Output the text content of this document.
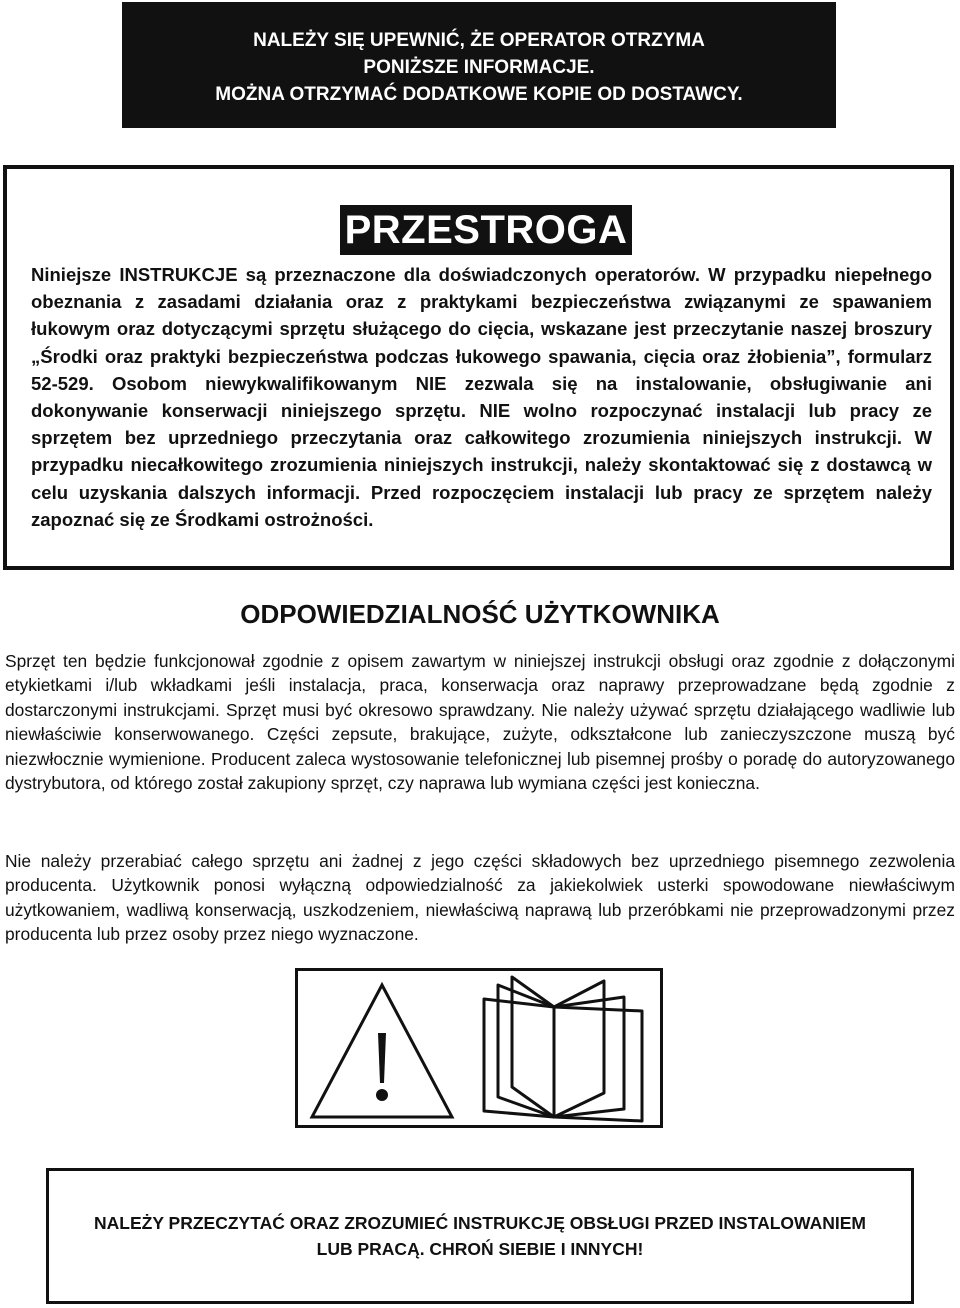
NALEŻY SIĘ UPEWNIĆ, ŻE OPERATOR OTRZYMA
PONIŻSZE INFORMACJE.
MOŻNA OTRZYMAĆ DODATKOWE KOPIE OD DOSTAWCY.
PRZESTROGA
Niniejsze INSTRUKCJE są przeznaczone dla doświadczonych operatorów. W przypadku niepełnego obeznania z zasadami działania oraz z praktykami bezpieczeństwa związanymi ze spawaniem łukowym oraz dotyczącymi sprzętu służącego do cięcia, wskazane jest przeczytanie naszej broszury „Środki oraz praktyki bezpieczeństwa podczas łukowego spawania, cięcia oraz żłobienia”, formularz 52-529. Osobom niewykwalifikowanym NIE zezwala się na instalowanie, obsługiwanie ani dokonywanie konserwacji niniejszego sprzętu. NIE wolno rozpoczynać instalacji lub pracy ze sprzętem bez uprzedniego przeczytania oraz całkowitego zrozumienia niniejszych instrukcji. W przypadku niecałkowitego zrozumienia niniejszych instrukcji, należy skontaktować się z dostawcą w celu uzyskania dalszych informacji. Przed rozpoczęciem instalacji lub pracy ze sprzętem należy zapoznać się ze Środkami ostrożności.
ODPOWIEDZIALNOŚĆ UŻYTKOWNIKA

Sprzęt ten będzie funkcjonował zgodnie z opisem zawartym w niniejszej instrukcji obsługi oraz zgodnie z dołączonymi etykietkami i/lub wkładkami jeśli instalacja, praca, konserwacja oraz naprawy przeprowadzane będą zgodnie z dostarczonymi instrukcjami. Sprzęt musi być okresowo sprawdzany. Nie należy używać sprzętu działającego wadliwie lub niewłaściwie konserwowanego. Części zepsute, brakujące, zużyte, odkształcone lub zanieczyszczone muszą być niezwłocznie wymienione. Producent zaleca wystosowanie telefonicznej lub pisemnej prośby o poradę do autoryzowanego dystrybutora, od którego został zakupiony sprzęt, czy naprawa lub wymiana części jest konieczna.

Nie należy przerabiać całego sprzętu ani żadnej z jego części składowych bez uprzedniego pisemnego zezwolenia producenta. Użytkownik ponosi wyłączną odpowiedzialność za jakiekolwiek usterki spowodowane niewłaściwym użytkowaniem, wadliwą konserwacją, uszkodzeniem, niewłaściwą naprawą lub przeróbkami nie przeprowadzonymi przez producenta lub przez osoby przez niego wyznaczone.

NALEŻY PRZECZYTAĆ ORAZ ZROZUMIEĆ INSTRUKCJĘ OBSŁUGI PRZED INSTALOWANIEM
LUB PRACĄ. CHROŃ SIEBIE I INNYCH!
